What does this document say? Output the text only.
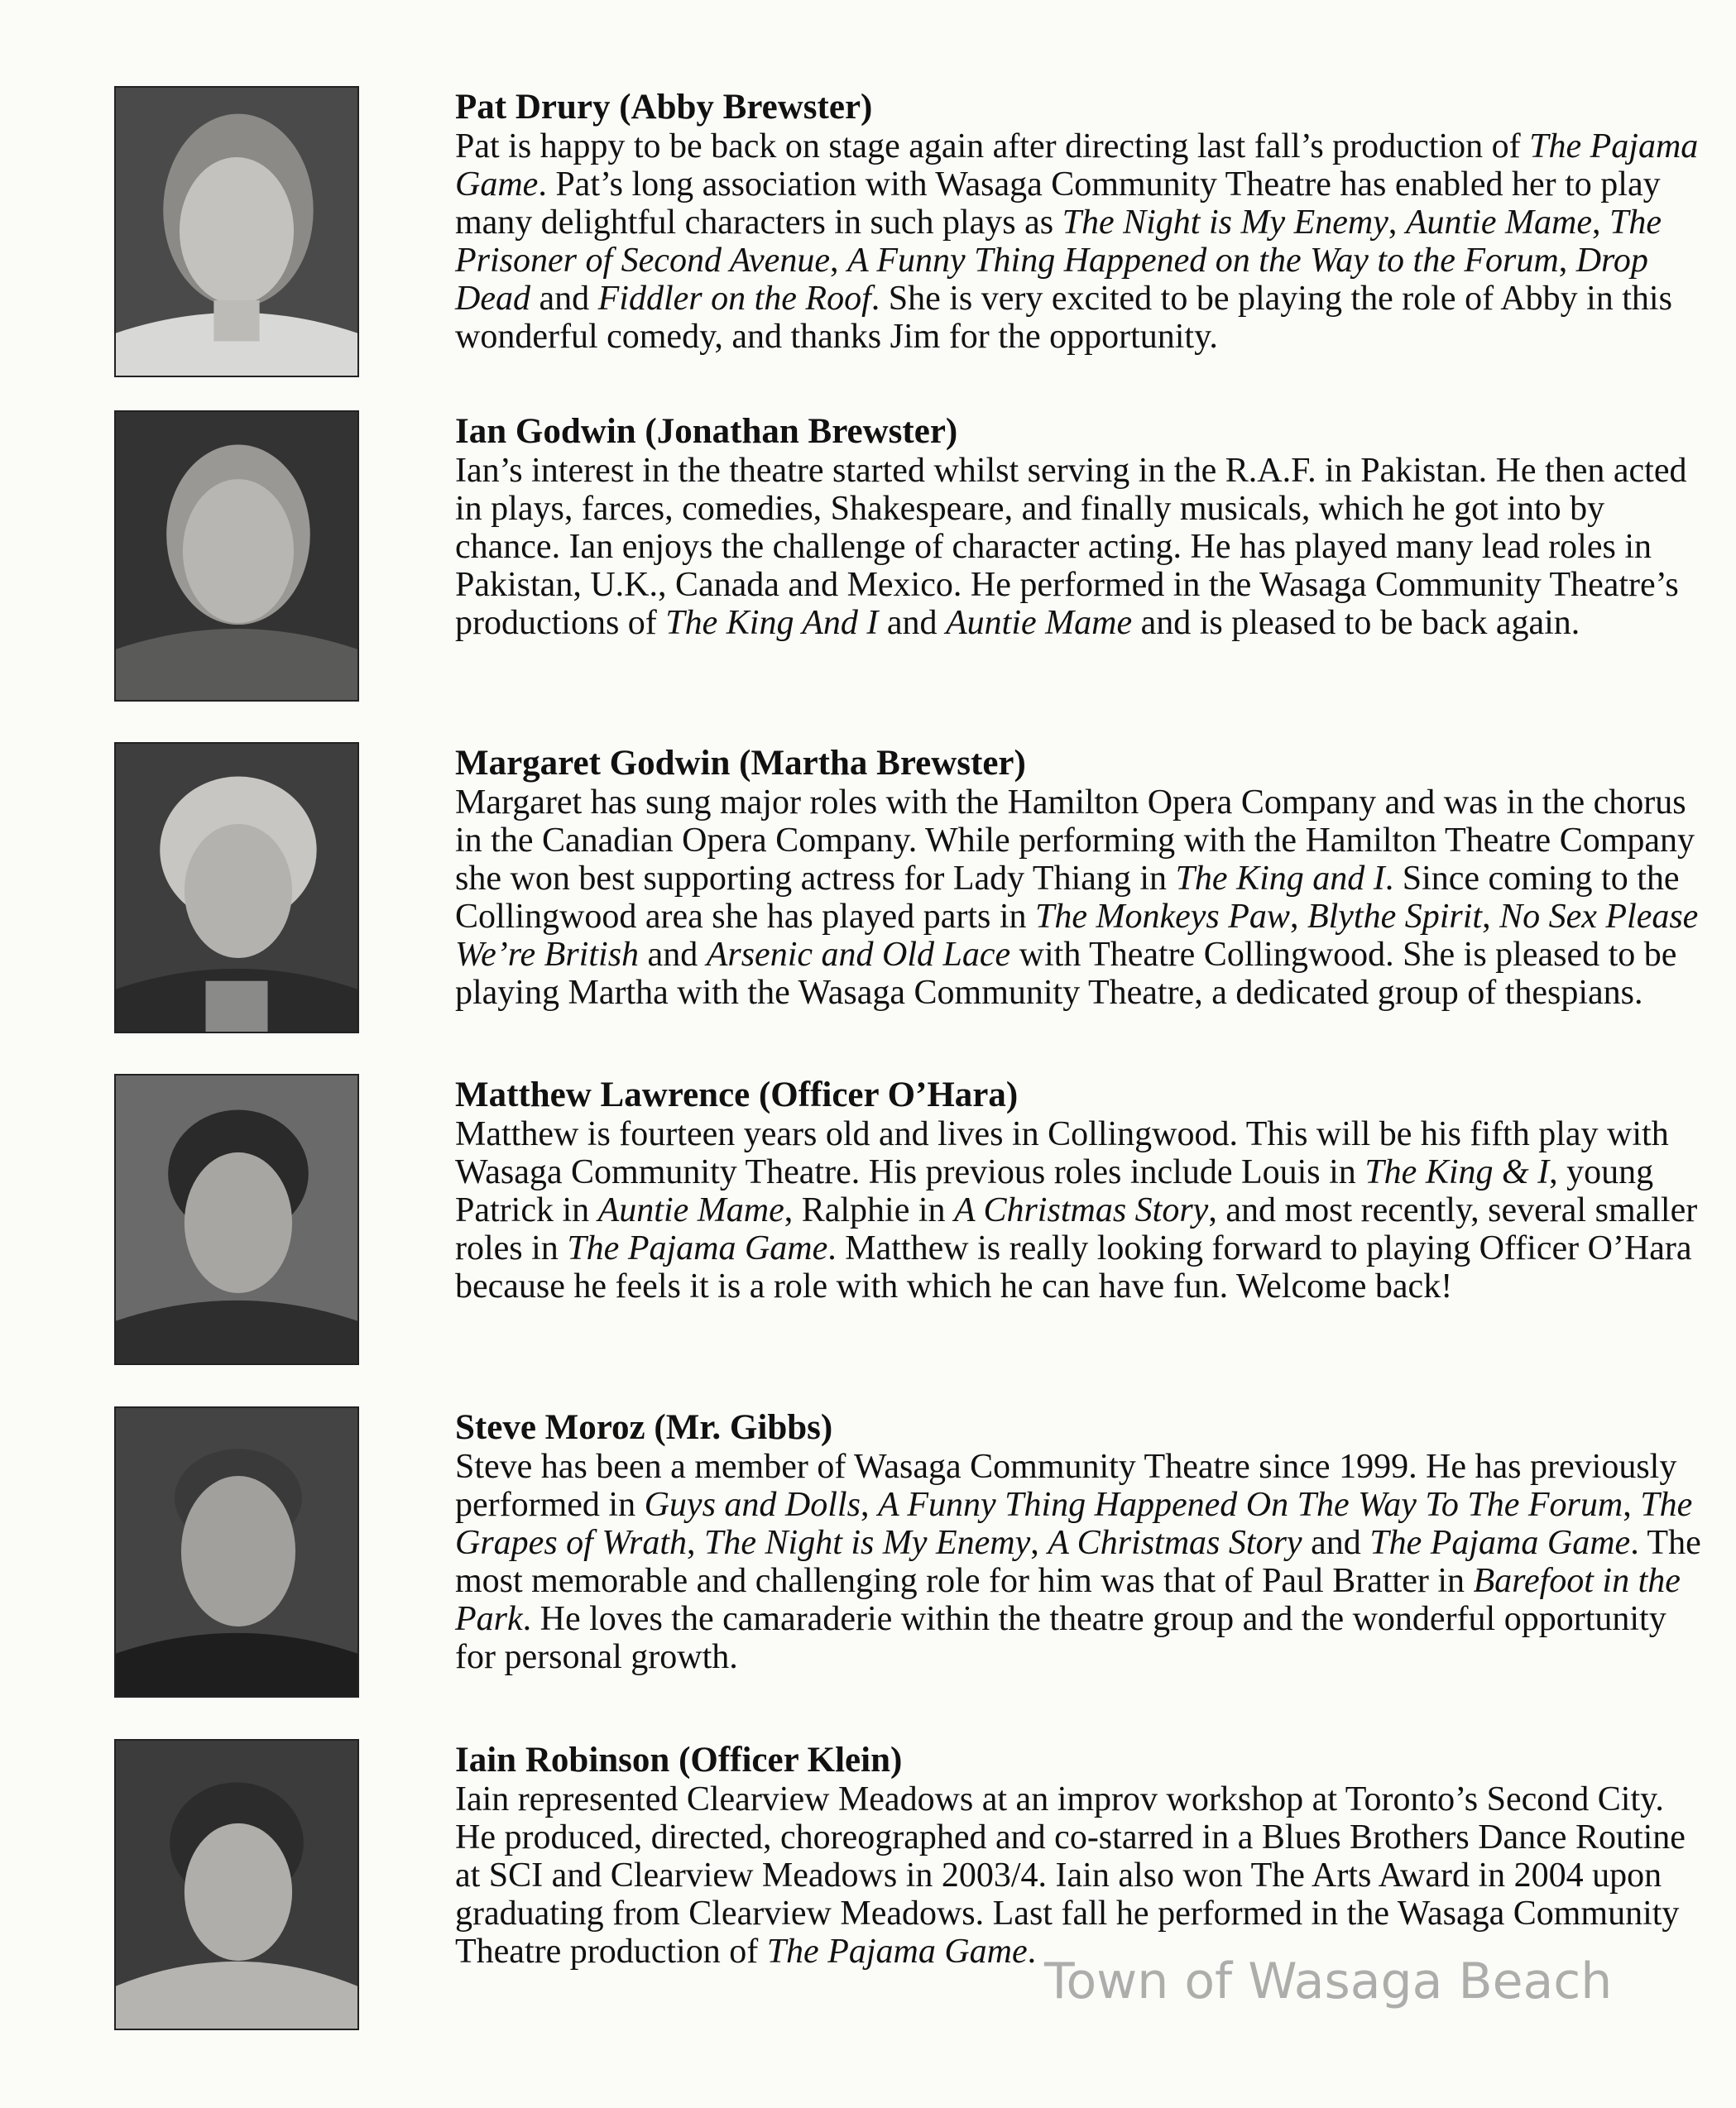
Pat Drury (Abby Brewster)

Pat is happy to be back on stage again after directing last fall’s production of The Pajama Game. Pat’s long association with Wasaga Community Theatre has enabled her to play many delightful characters in such plays as The Night is My Enemy, Auntie Mame, The Prisoner of Second Avenue, A Funny Thing Happened on the Way to the Forum, Drop Dead and Fiddler on the Roof. She is very excited to be playing the role of Abby in this wonderful comedy, and thanks Jim for the opportunity.

Ian Godwin (Jonathan Brewster)

Ian’s interest in the theatre started whilst serving in the R.A.F. in Pakistan. He then acted in plays, farces, comedies, Shakespeare, and finally musicals, which he got into by chance. Ian enjoys the challenge of character acting. He has played many lead roles in Pakistan, U.K., Canada and Mexico. He performed in the Wasaga Community Theatre’s productions of The King And I and Auntie Mame and is pleased to be back again.

Margaret Godwin (Martha Brewster)

Margaret has sung major roles with the Hamilton Opera Company and was in the chorus in the Canadian Opera Company. While performing with the Hamilton Theatre Company she won best supporting actress for Lady Thiang in The King and I. Since coming to the Collingwood area she has played parts in The Monkeys Paw, Blythe Spirit, No Sex Please We’re British and Arsenic and Old Lace with Theatre Collingwood. She is pleased to be playing Martha with the Wasaga Community Theatre, a dedicated group of thespians.

Matthew Lawrence (Officer O’Hara)

Matthew is fourteen years old and lives in Collingwood. This will be his fifth play with Wasaga Community Theatre. His previous roles include Louis in The King & I, young Patrick in Auntie Mame, Ralphie in A Christmas Story, and most recently, several smaller roles in The Pajama Game. Matthew is really looking forward to playing Officer O’Hara because he feels it is a role with which he can have fun. Welcome back!

Steve Moroz (Mr. Gibbs)

Steve has been a member of Wasaga Community Theatre since 1999. He has previously performed in Guys and Dolls, A Funny Thing Happened On The Way To The Forum, The Grapes of Wrath, The Night is My Enemy, A Christmas Story and The Pajama Game. The most memorable and challenging role for him was that of Paul Bratter in Barefoot in the Park. He loves the camaraderie within the theatre group and the wonderful opportunity for personal growth.

Iain Robinson (Officer Klein)

Iain represented Clearview Meadows at an improv workshop at Toronto’s Second City. He produced, directed, choreographed and co-starred in a Blues Brothers Dance Routine at SCI and Clearview Meadows in 2003/4. Iain also won The Arts Award in 2004 upon graduating from Clearview Meadows. Last fall he performed in the Wasaga Community Theatre production of The Pajama Game.

Town of Wasaga Beach
